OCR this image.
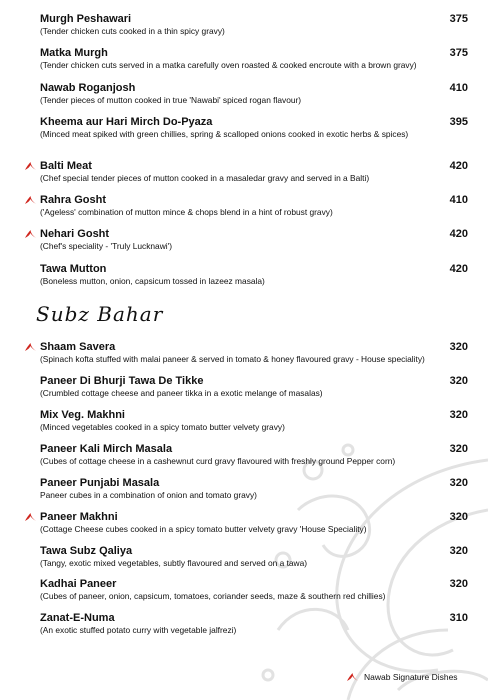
Murgh Peshawari
(Tender chicken cuts cooked in a thin spicy gravy)
375
Matka Murgh
(Tender chicken cuts served in a matka carefully oven roasted & cooked encroute with a brown gravy)
375
Nawab Roganjosh
(Tender pieces of mutton cooked in true 'Nawabi' spiced rogan flavour)
410
Kheema aur Hari Mirch Do-Pyaza
(Minced meat spiked with green chillies, spring & scalloped onions cooked in exotic herbs & spices)
395
Balti Meat
(Chef special tender pieces of mutton cooked in a masaledar gravy and served in a Balti)
420
Rahra Gosht
('Ageless' combination of mutton mince & chops blend in a hint of robust gravy)
410
Nehari Gosht
(Chef's speciality - 'Truly Lucknawi')
420
Tawa Mutton
(Boneless mutton, onion, capsicum tossed in lazeez masala)
420
Subz Bahar
Shaam Savera
(Spinach kofta stuffed with malai paneer & served in tomato & honey flavoured gravy - House speciality)
320
Paneer Di Bhurji Tawa De Tikke
(Crumbled cottage cheese and paneer tikka in a exotic melange of masalas)
320
Mix Veg. Makhni
(Minced vegetables cooked in a spicy tomato butter velvety gravy)
320
Paneer Kali Mirch Masala
(Cubes of cottage cheese in a cashewnut curd gravy flavoured with freshly ground Pepper corn)
320
Paneer Punjabi Masala
Paneer cubes in a combination of onion and tomato gravy)
320
Paneer Makhni
(Cottage Cheese cubes cooked in a spicy tomato butter velvety gravy 'House Speciality)
320
Tawa Subz Qaliya
(Tangy, exotic mixed vegetables, subtly flavoured and served on a tawa)
320
Kadhai Paneer
(Cubes of paneer, onion, capsicum, tomatoes, coriander seeds, maze & southern red chillies)
320
Zanat-E-Numa
(An exotic stuffed potato curry with vegetable jalfrezi)
310
Nawab Signature Dishes
